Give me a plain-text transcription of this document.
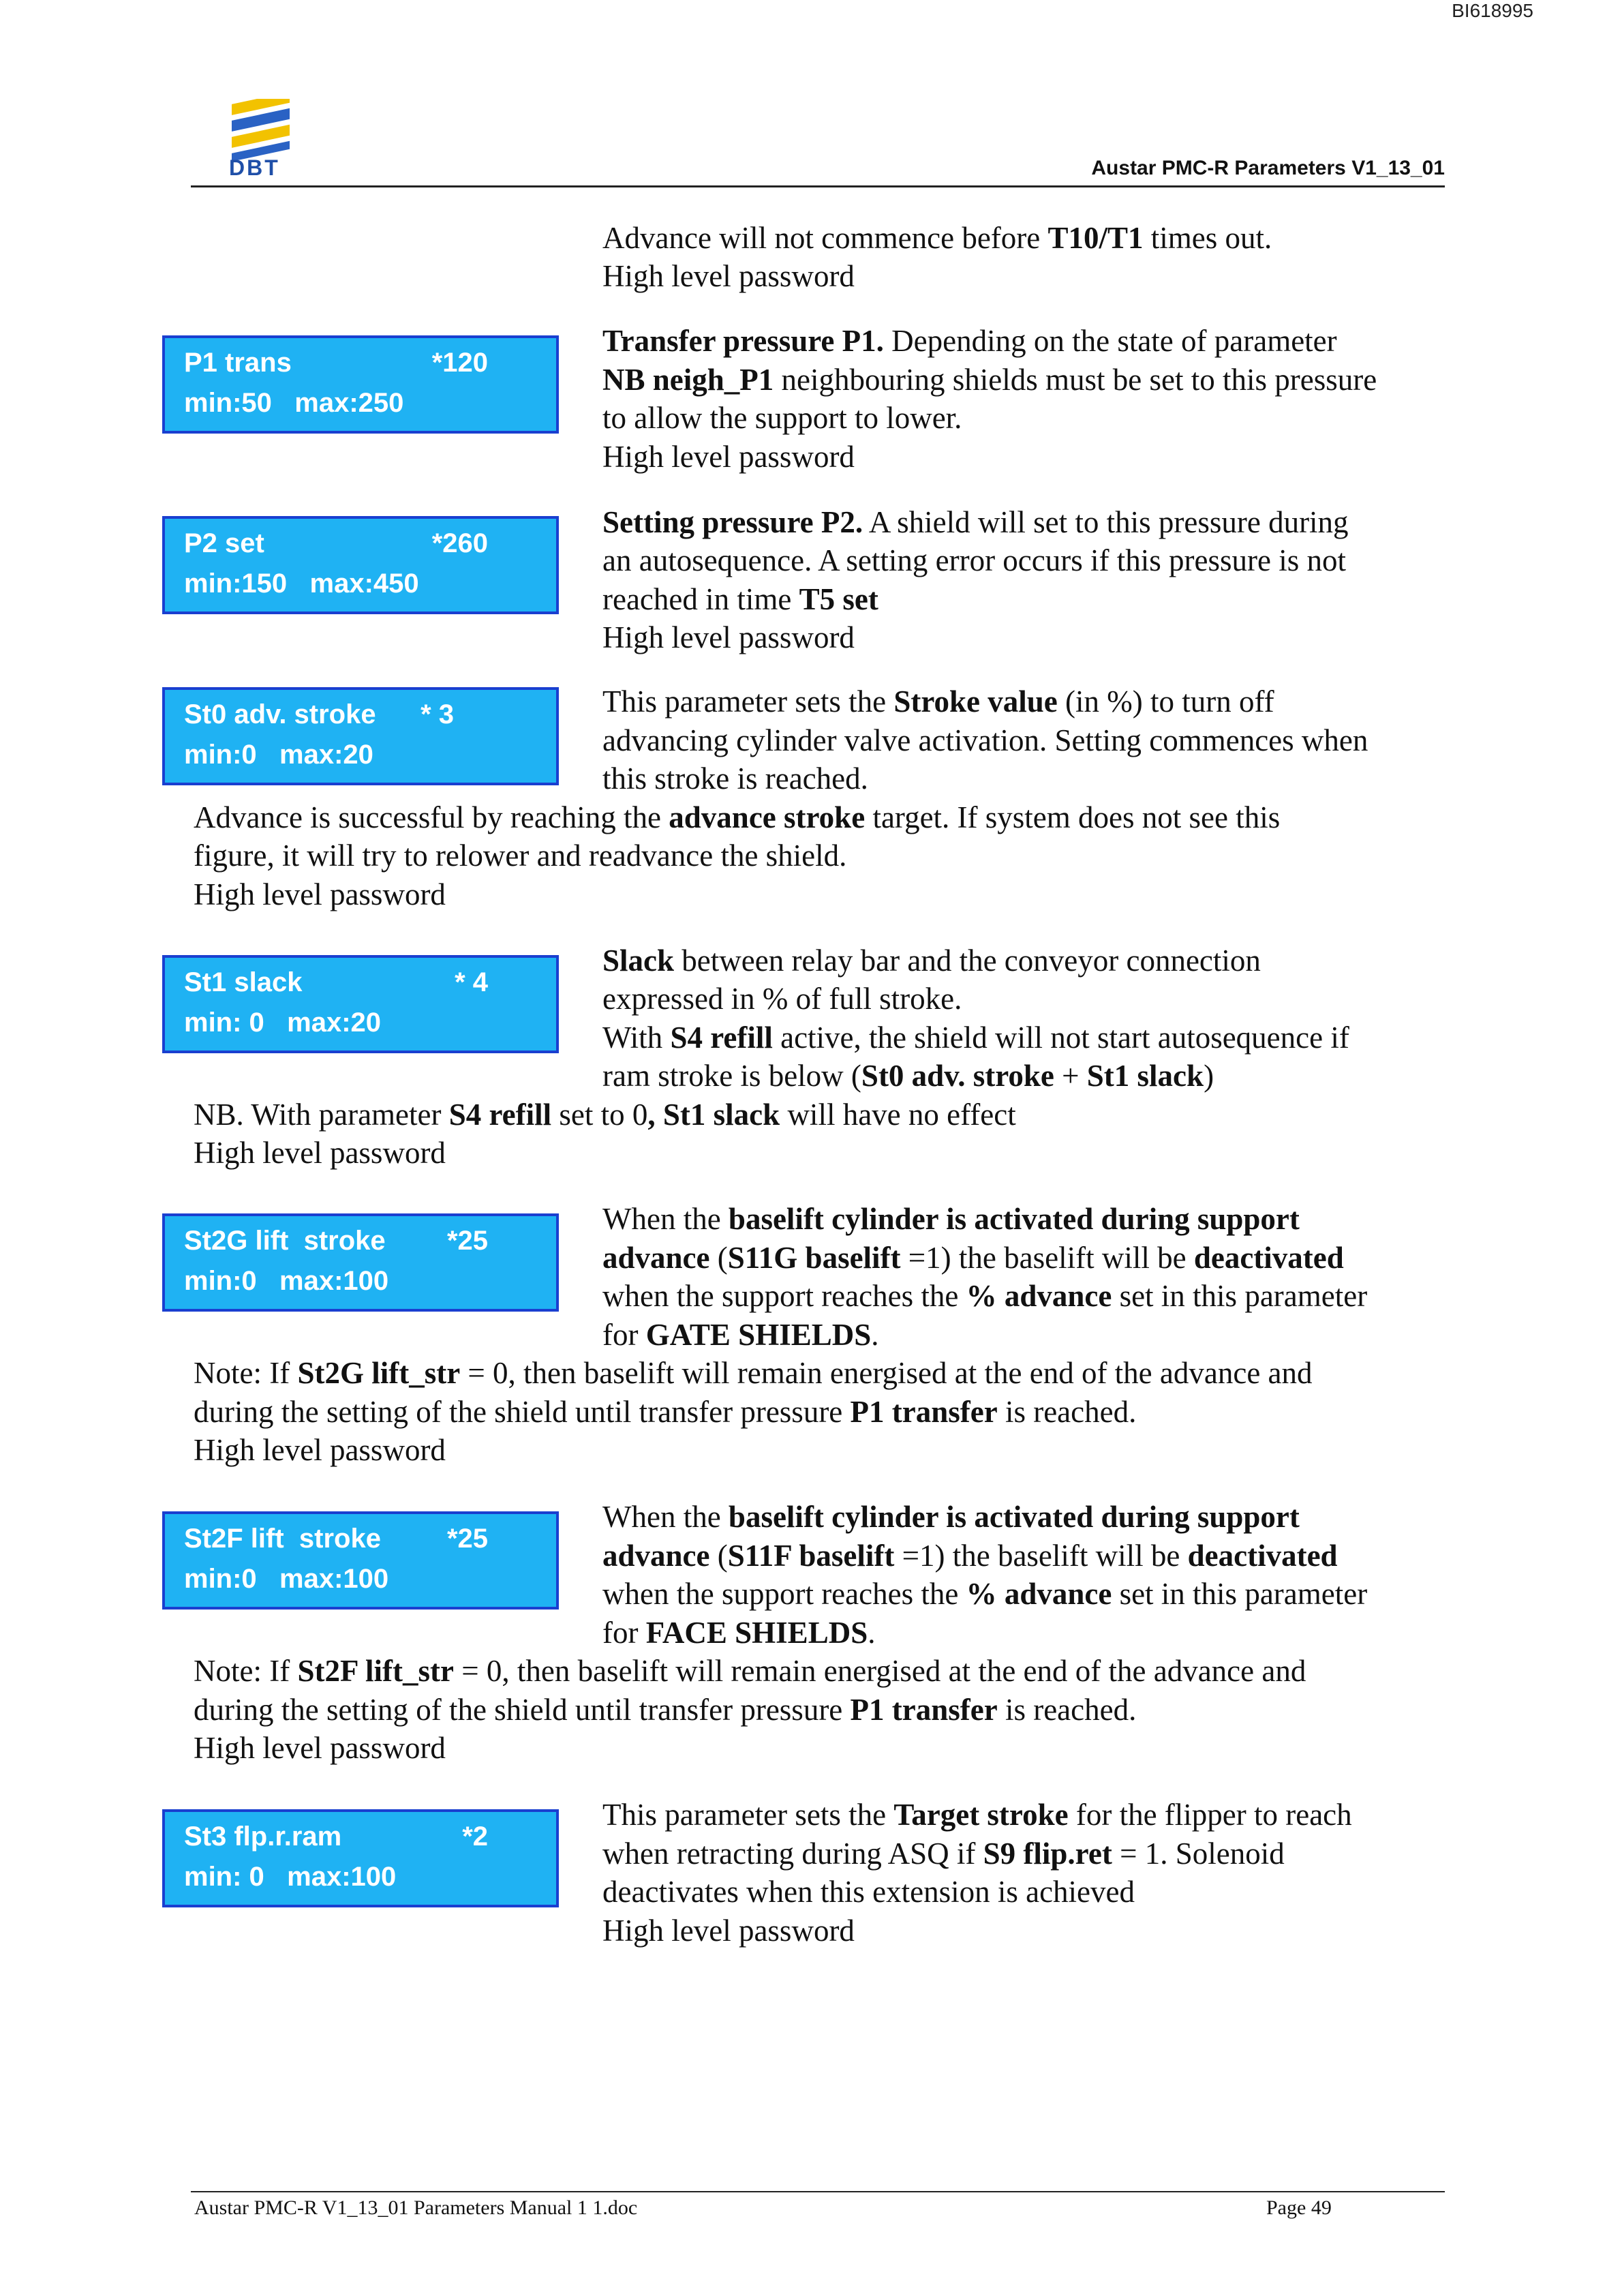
BI618995
DBT	Austar PMC-R Parameters V1_13_01
Advance will not commence before T10/T1 times out.
High level password
P1 trans	*120
min:50   max:250
Transfer pressure P1. Depending on the state of parameter
NB neigh_P1 neighbouring shields must be set to this pressure
to allow the support to lower.
High level password
P2 set	*260
min:150   max:450
Setting pressure P2. A shield will set to this pressure during
an autosequence. A setting error occurs if this pressure is not
reached in time T5 set
High level password
St0 adv. stroke * 3
min:0   max:20
This parameter sets the Stroke value (in %) to turn off
advancing cylinder valve activation. Setting commences when
this stroke is reached.
Advance is successful by reaching the advance stroke target. If system does not see this
figure, it will try to relower and readvance the shield.
High level password
St1 slack	* 4
min: 0   max:20
Slack between relay bar and the conveyor connection
expressed in % of full stroke.
With S4 refill active, the shield will not start autosequence if
ram stroke is below (St0 adv. stroke + St1 slack)
NB. With parameter S4 refill set to 0, St1 slack will have no effect
High level password
St2G lift  stroke *25
min:0   max:100
When the baselift cylinder is activated during support
advance (S11G baselift =1) the baselift will be deactivated
when the support reaches the % advance set in this parameter
for GATE SHIELDS.
Note: If St2G lift_str = 0, then baselift will remain energised at the end of the advance and
during the setting of the shield until transfer pressure P1 transfer is reached.
High level password
St2F lift  stroke *25
min:0   max:100
When the baselift cylinder is activated during support
advance (S11F baselift =1) the baselift will be deactivated
when the support reaches the % advance set in this parameter
for FACE SHIELDS.
Note: If St2F lift_str = 0, then baselift will remain energised at the end of the advance and
during the setting of the shield until transfer pressure P1 transfer is reached.
High level password
St3 flp.r.ram	*2
min: 0   max:100
This parameter sets the Target stroke for the flipper to reach
when retracting during ASQ if S9 flip.ret = 1. Solenoid
deactivates when this extension is achieved
High level password
Austar PMC-R V1_13_01 Parameters Manual 1 1.doc	Page 49
